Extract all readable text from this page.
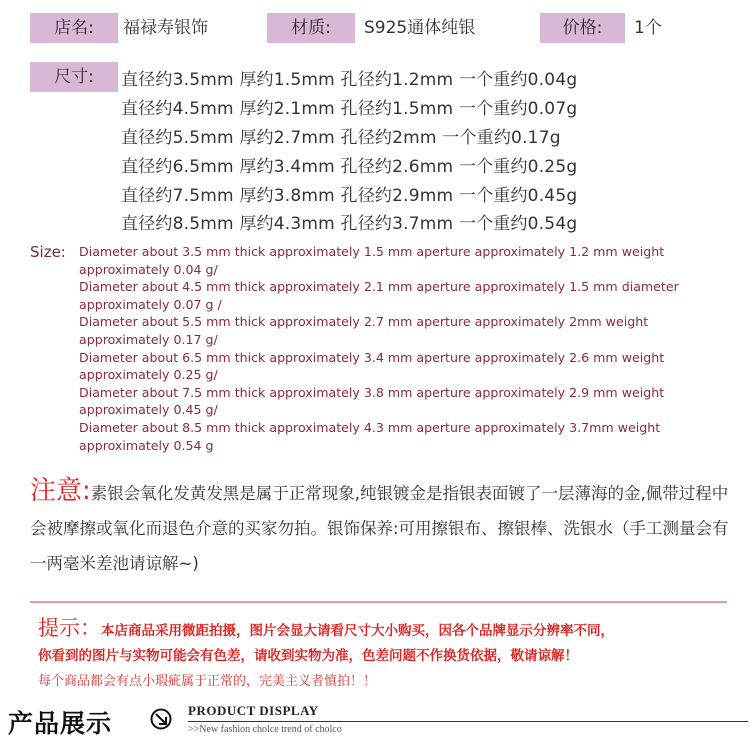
店名:	福禄寿银饰	材质:	S925通体纯银	价格:	1个
尺寸:	直径约3.5mm 厚约1.5mm 孔径约1.2mm 一个重约0.04g
直径约4.5mm 厚约2.1mm 孔径约1.5mm 一个重约0.07g
直径约5.5mm 厚约2.7mm 孔径约2mm 一个重约0.17g
直径约6.5mm 厚约3.4mm 孔径约2.6mm 一个重约0.25g
直径约7.5mm 厚约3.8mm 孔径约2.9mm 一个重约0.45g
直径约8.5mm 厚约4.3mm 孔径约3.7mm 一个重约0.54g
Size: Diameter about 3.5 mm thick approximately 1.5 mm aperture approximately 1.2 mm weight
approximately 0.04 g/
Diameter about 4.5 mm thick approximately 2.1 mm aperture approximately 1.5 mm diameter
approximately 0.07 g /
Diameter about 5.5 mm thick approximately 2.7 mm aperture approximately 2mm weight
approximately 0.17 g/
Diameter about 6.5 mm thick approximately 3.4 mm aperture approximately 2.6 mm weight
approximately 0.25 g/
Diameter about 7.5 mm thick approximately 3.8 mm aperture approximately 2.9 mm weight
approximately 0.45 g/
Diameter about 8.5 mm thick approximately 4.3 mm aperture approximately 3.7mm weight
approximately 0.54 g
注意:素银会氧化发黄发黑是属于正常现象,纯银镀金是指银表面镀了一层薄海的金,佩带过程中会被摩擦或氧化而退色介意的买家勿拍。银饰保养:可用擦银布、擦银棒、洗银水（手工测量会有一两毫米差池请谅解~)
提示：本店商品采用微距拍摄，图片会显大请看尺寸大小购买，因各个品牌显示分辨率不同，
你看到的图片与实物可能会有色差，请收到实物为准，色差问题不作换货依据，敬请谅解！
每个商品都会有点小瑕疵属于正常的，完美主义者慎拍！！
产品展示	PRODUCT DISPLAY
>>New fashion cholce trend of cholco
